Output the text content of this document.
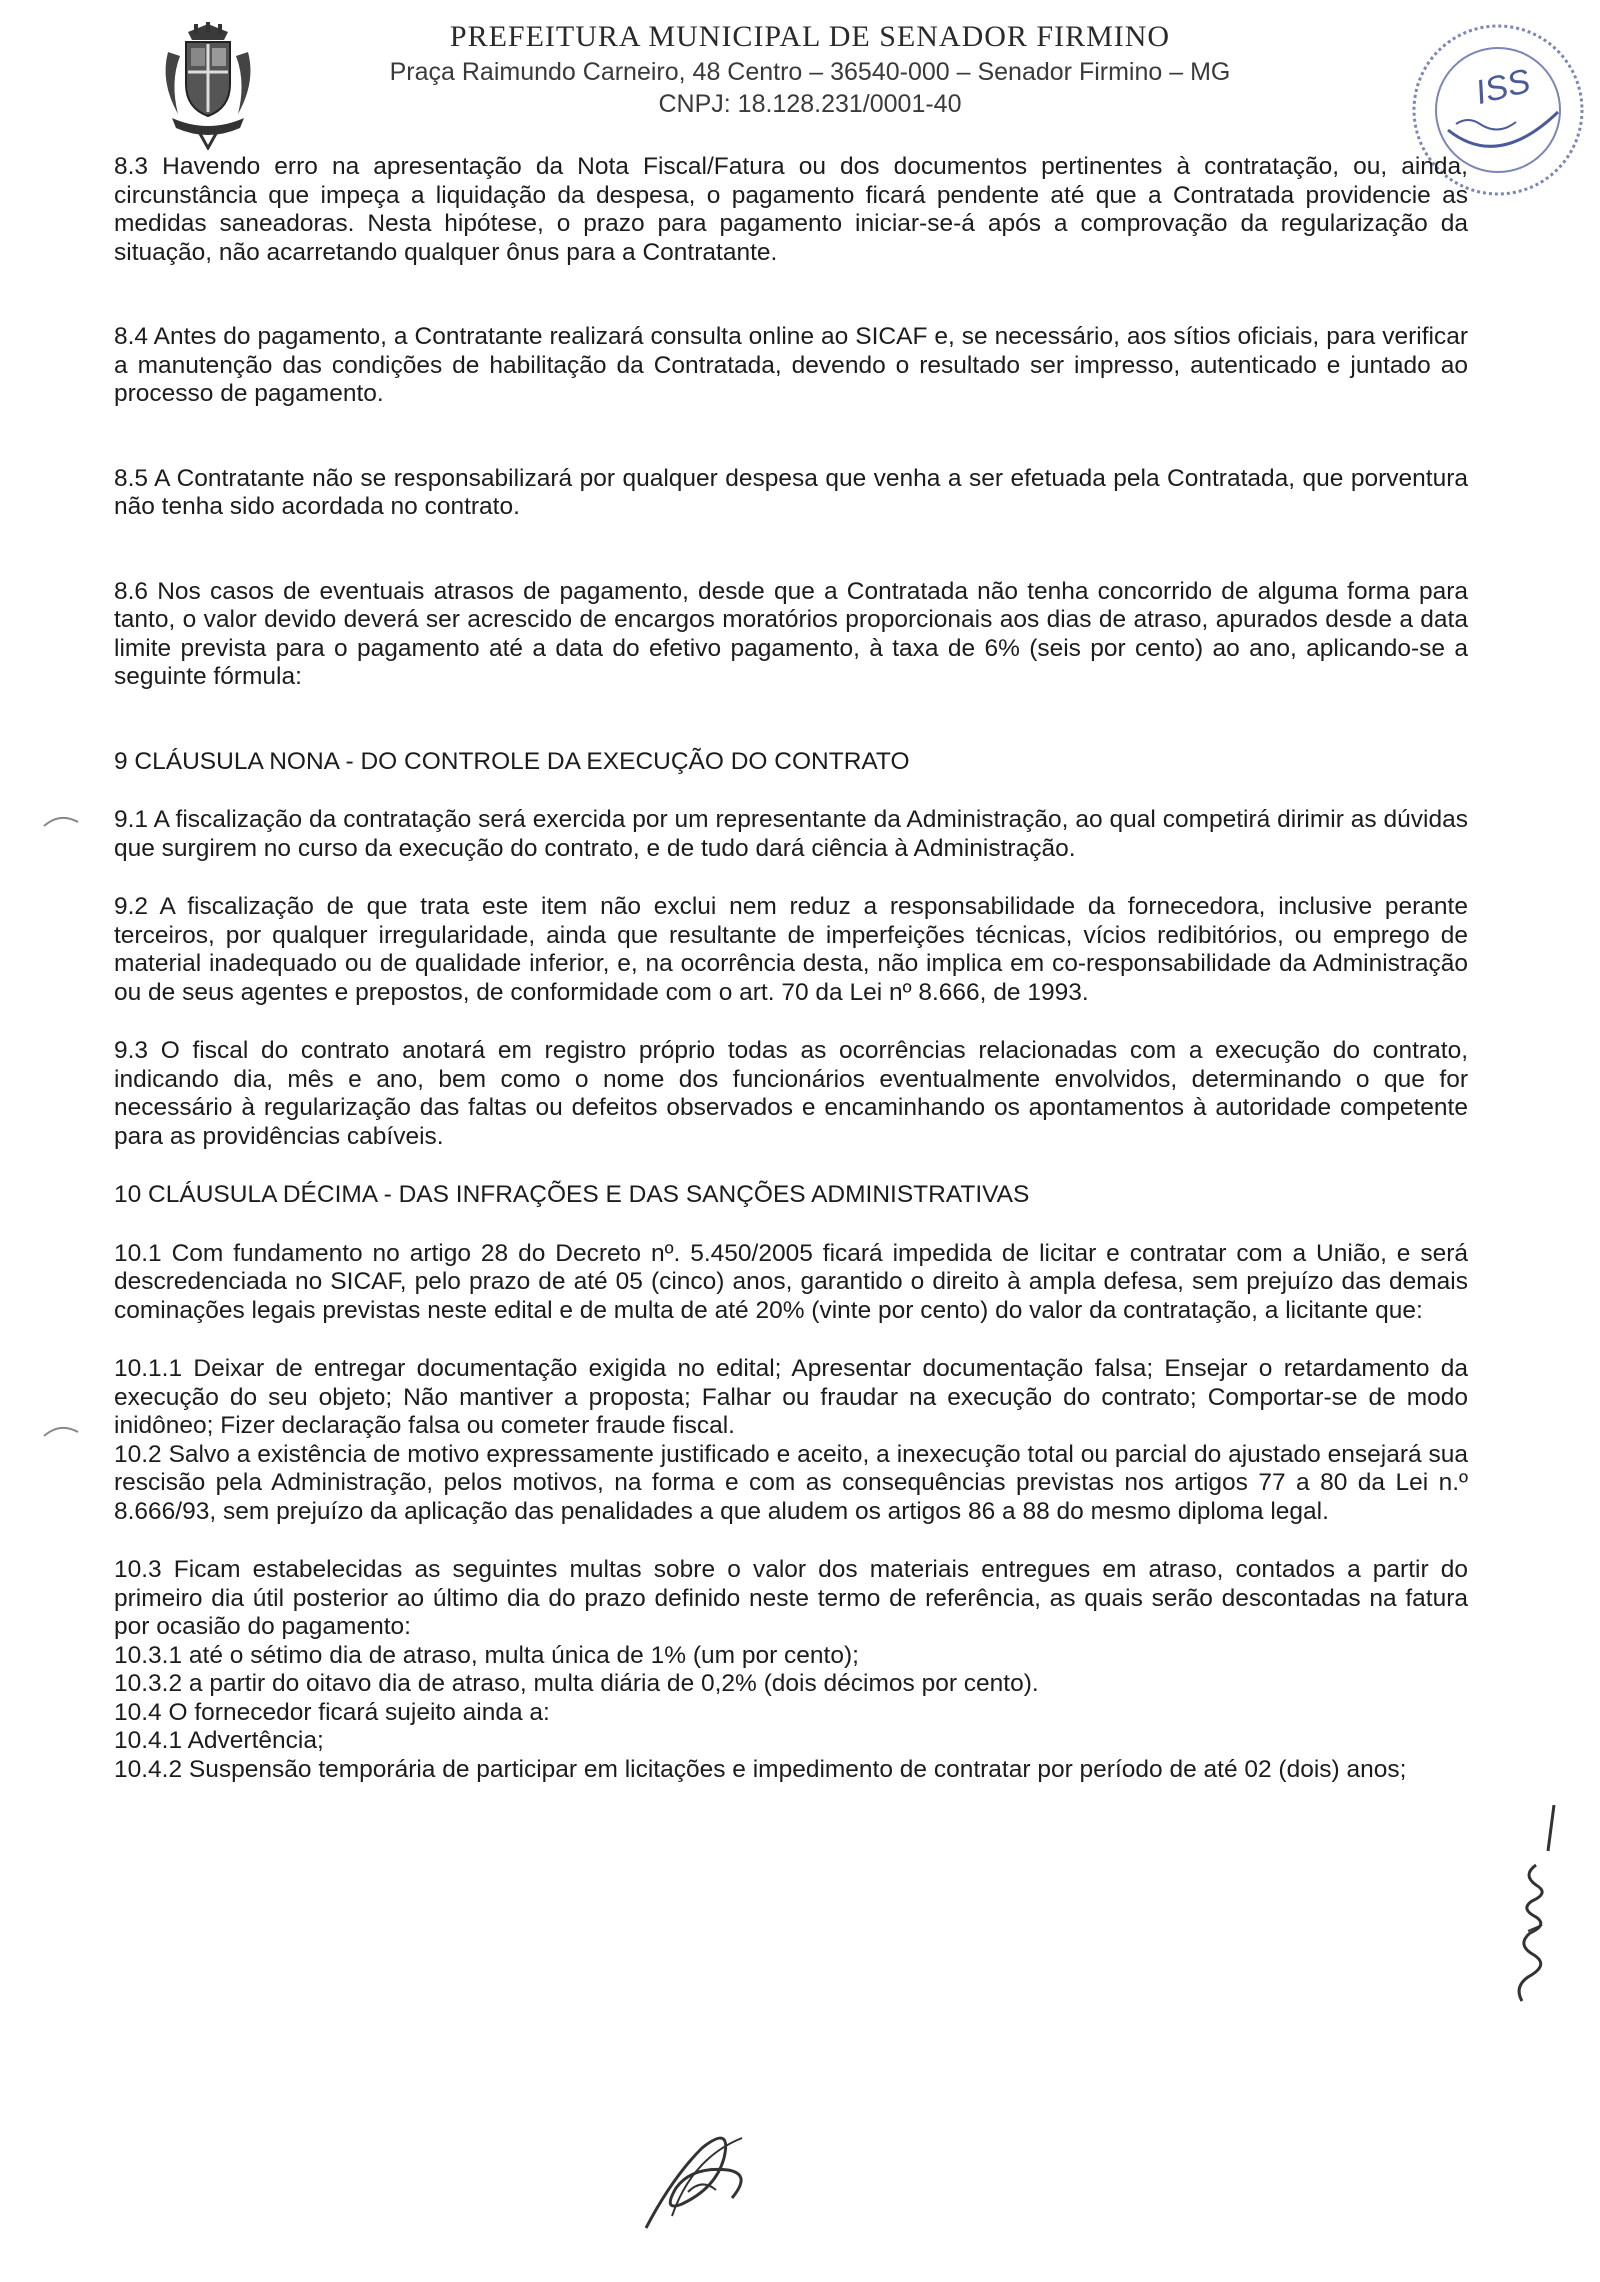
PREFEITURA MUNICIPAL DE SENADOR FIRMINO
Praça Raimundo Carneiro, 48 Centro – 36540-000 – Senador Firmino – MG
CNPJ: 18.128.231/0001-40	ISS

8.3 Havendo erro na apresentação da Nota Fiscal/Fatura ou dos documentos pertinentes à contratação, ou, ainda, circunstância que impeça a liquidação da despesa, o pagamento ficará pendente até que a Contratada providencie as medidas saneadoras. Nesta hipótese, o prazo para pagamento iniciar-se-á após a comprovação da regularização da situação, não acarretando qualquer ônus para a Contratante.

8.4 Antes do pagamento, a Contratante realizará consulta online ao SICAF e, se necessário, aos sítios oficiais, para verificar a manutenção das condições de habilitação da Contratada, devendo o resultado ser impresso, autenticado e juntado ao processo de pagamento.

8.5 A Contratante não se responsabilizará por qualquer despesa que venha a ser efetuada pela Contratada, que porventura não tenha sido acordada no contrato.

8.6 Nos casos de eventuais atrasos de pagamento, desde que a Contratada não tenha concorrido de alguma forma para tanto, o valor devido deverá ser acrescido de encargos moratórios proporcionais aos dias de atraso, apurados desde a data limite prevista para o pagamento até a data do efetivo pagamento, à taxa de 6% (seis por cento) ao ano, aplicando-se a seguinte fórmula:

9 CLÁUSULA NONA - DO CONTROLE DA EXECUÇÃO DO CONTRATO

9.1 A fiscalização da contratação será exercida por um representante da Administração, ao qual competirá dirimir as dúvidas que surgirem no curso da execução do contrato, e de tudo dará ciência à Administração.

9.2 A fiscalização de que trata este item não exclui nem reduz a responsabilidade da fornecedora, inclusive perante terceiros, por qualquer irregularidade, ainda que resultante de imperfeições técnicas, vícios redibitórios, ou emprego de material inadequado ou de qualidade inferior, e, na ocorrência desta, não implica em co-responsabilidade da Administração ou de seus agentes e prepostos, de conformidade com o art. 70 da Lei nº 8.666, de 1993.

9.3 O fiscal do contrato anotará em registro próprio todas as ocorrências relacionadas com a execução do contrato, indicando dia, mês e ano, bem como o nome dos funcionários eventualmente envolvidos, determinando o que for necessário à regularização das faltas ou defeitos observados e encaminhando os apontamentos à autoridade competente para as providências cabíveis.

10 CLÁUSULA DÉCIMA - DAS INFRAÇÕES E DAS SANÇÕES ADMINISTRATIVAS

10.1 Com fundamento no artigo 28 do Decreto nº. 5.450/2005 ficará impedida de licitar e contratar com a União, e será descredenciada no SICAF, pelo prazo de até 05 (cinco) anos, garantido o direito à ampla defesa, sem prejuízo das demais cominações legais previstas neste edital e de multa de até 20% (vinte por cento) do valor da contratação, a licitante que:

10.1.1 Deixar de entregar documentação exigida no edital; Apresentar documentação falsa; Ensejar o retardamento da execução do seu objeto; Não mantiver a proposta; Falhar ou fraudar na execução do contrato; Comportar-se de modo inidôneo; Fizer declaração falsa ou cometer fraude fiscal.

10.2 Salvo a existência de motivo expressamente justificado e aceito, a inexecução total ou parcial do ajustado ensejará sua rescisão pela Administração, pelos motivos, na forma e com as consequências previstas nos artigos 77 a 80 da Lei n.º 8.666/93, sem prejuízo da aplicação das penalidades a que aludem os artigos 86 a 88 do mesmo diploma legal.

10.3 Ficam estabelecidas as seguintes multas sobre o valor dos materiais entregues em atraso, contados a partir do primeiro dia útil posterior ao último dia do prazo definido neste termo de referência, as quais serão descontadas na fatura por ocasião do pagamento:

10.3.1 até o sétimo dia de atraso, multa única de 1% (um por cento);

10.3.2 a partir do oitavo dia de atraso, multa diária de 0,2% (dois décimos por cento).

10.4 O fornecedor ficará sujeito ainda a:

10.4.1 Advertência;

10.4.2 Suspensão temporária de participar em licitações e impedimento de contratar por período de até 02 (dois) anos;
